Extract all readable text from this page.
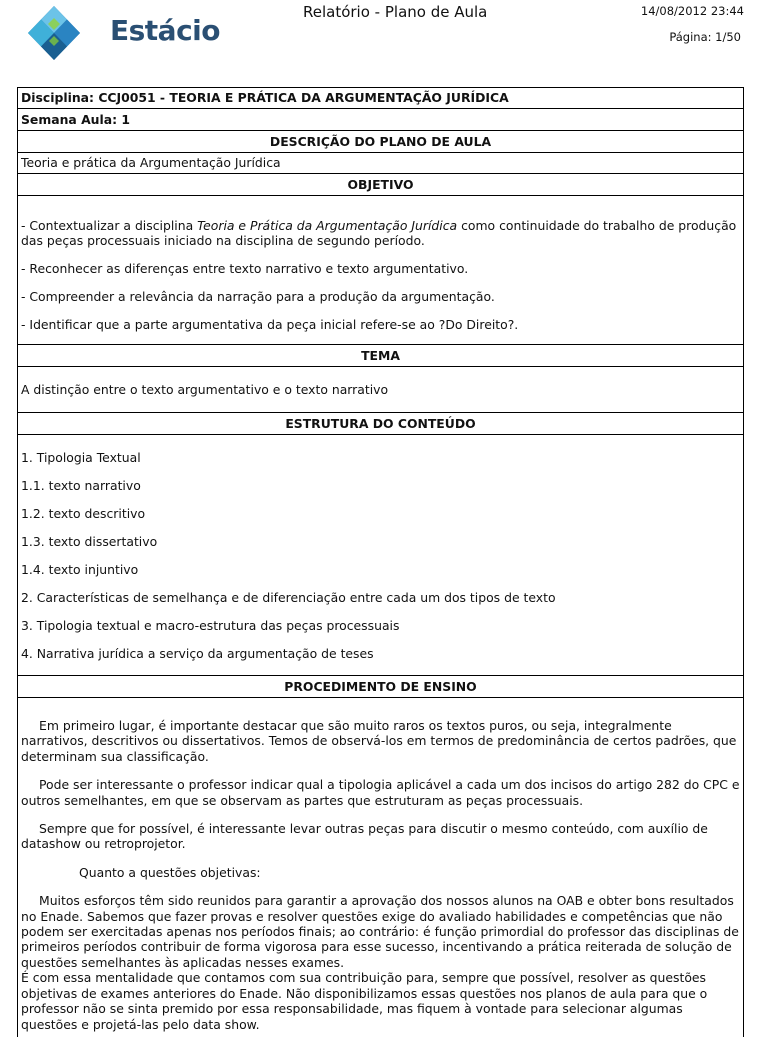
Estácio
Relatório - Plano de Aula	14/08/2012 23:44
Página: 1/50
Disciplina: CCJ0051 - TEORIA E PRÁTICA DA ARGUMENTAÇÃO JURÍDICA
Semana Aula: 1
DESCRIÇÃO DO PLANO DE AULA
Teoria e prática da Argumentação Jurídica
OBJETIVO

- Contextualizar a disciplina Teoria e Prática da Argumentação Jurídica como continuidade do trabalho de produção das peças processuais iniciado na disciplina de segundo período.

- Reconhecer as diferenças entre texto narrativo e texto argumentativo.

- Compreender a relevância da narração para a produção da argumentação.

- Identificar que a parte argumentativa da peça inicial refere-se ao ?Do Direito?.

TEMA
A distinção entre o texto argumentativo e o texto narrativo
ESTRUTURA DO CONTEÚDO

1. Tipologia Textual

1.1. texto narrativo

1.2. texto descritivo

1.3. texto dissertativo

1.4. texto injuntivo

2. Características de semelhança e de diferenciação entre cada um dos tipos de texto

3. Tipologia textual e macro-estrutura das peças processuais

4. Narrativa jurídica a serviço da argumentação de teses

PROCEDIMENTO DE ENSINO

Em primeiro lugar, é importante destacar que são muito raros os textos puros, ou seja, integralmente narrativos, descritivos ou dissertativos. Temos de observá-los em termos de predominância de certos padrões, que determinam sua classificação.

Pode ser interessante o professor indicar qual a tipologia aplicável a cada um dos incisos do artigo 282 do CPC e outros semelhantes, em que se observam as partes que estruturam as peças processuais.

Sempre que for possível, é interessante levar outras peças para discutir o mesmo conteúdo, com auxílio de datashow ou retroprojetor.

Quanto a questões objetivas:

Muitos esforços têm sido reunidos para garantir a aprovação dos nossos alunos na OAB e obter bons resultados no Enade. Sabemos que fazer provas e resolver questões exige do avaliado habilidades e competências que não podem ser exercitadas apenas nos períodos finais; ao contrário: é função primordial do professor das disciplinas de primeiros períodos contribuir de forma vigorosa para esse sucesso, incentivando a prática reiterada de solução de questões semelhantes às aplicadas nesses exames.

É com essa mentalidade que contamos com sua contribuição para, sempre que possível, resolver as questões objetivas de exames anteriores do Enade. Não disponibilizamos essas questões nos planos de aula para que o professor não se sinta premido por essa responsabilidade, mas fiquem à vontade para selecionar algumas questões e projetá-las pelo data show.
